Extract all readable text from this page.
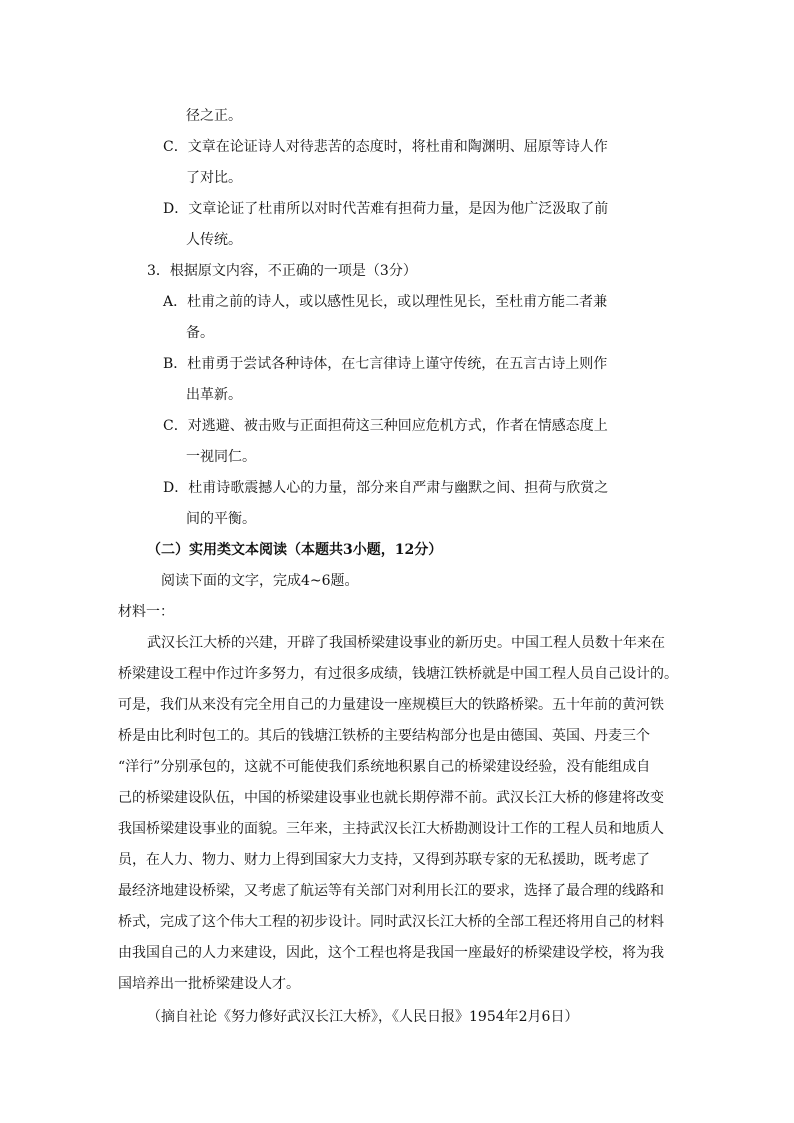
径之正。
C．文章在论证诗人对待悲苦的态度时，将杜甫和陶渊明、屈原等诗人作
了对比。
D．文章论证了杜甫所以对时代苦难有担荷力量，是因为他广泛汲取了前
人传统。
3．根据原文内容，不正确的一项是（3分）
A．杜甫之前的诗人，或以感性见长，或以理性见长，至杜甫方能二者兼
备。
B．杜甫勇于尝试各种诗体，在七言律诗上谨守传统，在五言古诗上则作
出革新。
C．对逃避、被击败与正面担荷这三种回应危机方式，作者在情感态度上
一视同仁。
D．杜甫诗歌震撼人心的力量，部分来自严肃与幽默之间、担荷与欣赏之
间的平衡。
（二）实用类文本阅读（本题共3小题，12分）
阅读下面的文字，完成4~6题。
材料一：
武汉长江大桥的兴建，开辟了我国桥梁建设事业的新历史。中国工程人员数十年来在
桥梁建设工程中作过许多努力，有过很多成绩，钱塘江铁桥就是中国工程人员自己设计的。
可是，我们从来没有完全用自己的力量建设一座规模巨大的铁路桥梁。五十年前的黄河铁
桥是由比利时包工的。其后的钱塘江铁桥的主要结构部分也是由德国、英国、丹麦三个
“洋行”分别承包的，这就不可能使我们系统地积累自己的桥梁建设经验，没有能组成自
己的桥梁建设队伍，中国的桥梁建设事业也就长期停滞不前。武汉长江大桥的修建将改变
我国桥梁建设事业的面貌。三年来，主持武汉长江大桥勘测设计工作的工程人员和地质人
员，在人力、物力、财力上得到国家大力支持，又得到苏联专家的无私援助，既考虑了
最经济地建设桥梁，又考虑了航运等有关部门对利用长江的要求，选择了最合理的线路和
桥式，完成了这个伟大工程的初步设计。同时武汉长江大桥的全部工程还将用自己的材料
由我国自己的人力来建设，因此，这个工程也将是我国一座最好的桥梁建设学校，将为我
国培养出一批桥梁建设人才。
（摘自社论《努力修好武汉长江大桥》，《人民日报》1954年2月6日）
